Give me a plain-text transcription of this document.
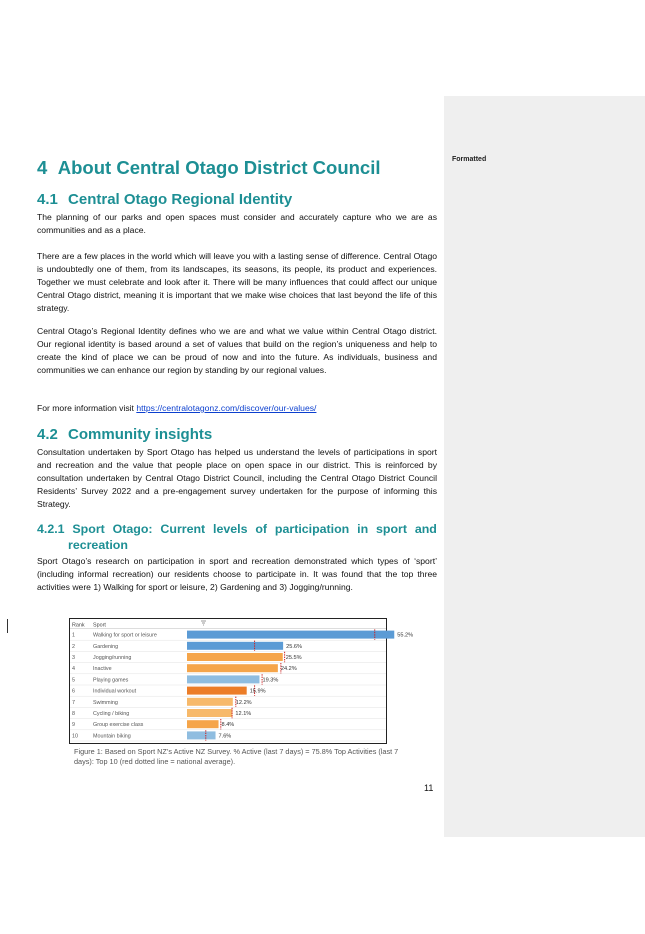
Formatted
4 About Central Otago District Council
4.1 Central Otago Regional Identity

The planning of our parks and open spaces must consider and accurately capture who we are as communities and as a place.

There are a few places in the world which will leave you with a lasting sense of difference. Central Otago is undoubtedly one of them, from its landscapes, its seasons, its people, its product and experiences. Together we must celebrate and look after it. There will be many influences that could affect our unique Central Otago district, meaning it is important that we make wise choices that last beyond the life of this strategy.

Central Otago’s Regional Identity defines who we are and what we value within Central Otago district. Our regional identity is based around a set of values that build on the region’s uniqueness and help to create the kind of place we can be proud of now and into the future. As individuals, business and communities we can enhance our region by standing by our regional values.

For more information visit https://centralotagonz.com/discover/our-values/

4.2 Community insights

Consultation undertaken by Sport Otago has helped us understand the levels of participations in sport and recreation and the value that people place on open space in our district. This is reinforced by consultation undertaken by Central Otago District Council, including the Central Otago District Council Residents’ Survey 2022 and a pre-engagement survey undertaken for the purpose of informing this Strategy.

4.2.1 Sport Otago: Current levels of participation in sport and
recreation

Sport Otago’s research on participation in sport and recreation demonstrated which types of ‘sport’ (including informal recreation) our residents choose to participate in. It was found that the top three activities were 1) Walking for sport or leisure, 2) Gardening and 3) Jogging/running.

Rank Sport
1	Walking for sport or leisure	55.2%
2	Gardening	25.6%
3	Jogging/running	25.5%
4	Inactive	24.2%
5	Playing games	19.3%
6	Individual workout	15.9%
7	Swimming	12.2%
8	Cycling / biking	12.1%
9	Group exercise class	8.4%
10	Mountain biking	7.6%
Figure 1: Based on Sport NZ’s Active NZ Survey. % Active (last 7 days) = 75.8% Top Activities (last 7 days): Top 10 (red dotted line = national average).
11
